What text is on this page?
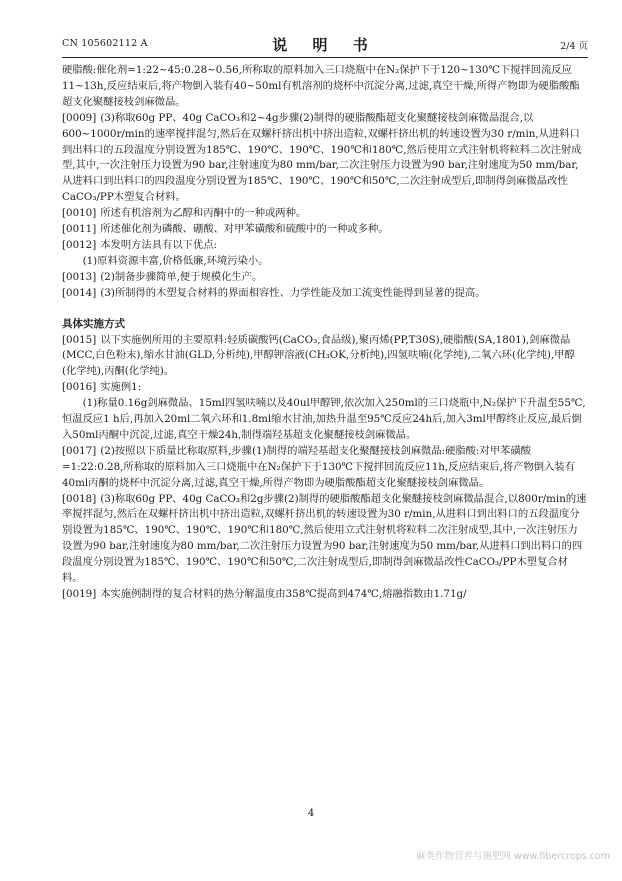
CN 105602112 A	说 明 书	2/4 页

硬脂酸:催化剂=1:22~45:0.28~0.56,所称取的原料加入三口烧瓶中在N₂保护下于120~130℃下搅拌回流反应11~13h,反应结束后,将产物倒入装有40~50ml有机溶剂的烧杯中沉淀分离,过滤,真空干燥,所得产物即为硬脂酸酯超支化聚醚接枝剑麻微晶。

[0009] (3)称取60g PP、40g CaCO₃和2~4g步骤(2)制得的硬脂酸酯超支化聚醚接枝剑麻微晶混合,以600~1000r/min的速率搅拌混匀,然后在双螺杆挤出机中挤出造粒,双螺杆挤出机的转速设置为30 r/min,从进料口到出料口的五段温度分别设置为185℃、190℃、190℃、190℃和180℃,然后使用立式注射机将粒料二次注射成型,其中,一次注射压力设置为90 bar,注射速度为80 mm/bar,二次注射压力设置为90 bar,注射速度为50 mm/bar,从进料口到出料口的四段温度分别设置为185℃、190℃、190℃和50℃,二次注射成型后,即制得剑麻微晶改性CaCO₃/PP木塑复合材料。

[0010] 所述有机溶剂为乙醇和丙酮中的一种或两种。

[0011] 所述催化剂为磷酸、硼酸、对甲苯磺酸和硫酸中的一种或多种。

[0012] 本发明方法具有以下优点:

(1)原料资源丰富,价格低廉,环境污染小。

[0013] (2)制备步骤简单,便于规模化生产。

[0014] (3)所制得的木塑复合材料的界面相容性、力学性能及加工流变性能得到显著的提高。

具体实施方式

[0015] 以下实施例所用的主要原料:轻质碳酸钙(CaCO₃,食品级),聚丙烯(PP,T30S),硬脂酸(SA,1801),剑麻微晶(MCC,白色粉末),缩水甘油(GLD,分析纯),甲醇钾溶液(CH₃OK,分析纯),四氢呋喃(化学纯),二氧六环(化学纯),甲醇(化学纯),丙酮(化学纯)。

[0016] 实施例1:

(1)称量0.16g剑麻微晶、15ml四氢呋喃以及40ul甲醇钾,依次加入250ml的三口烧瓶中,N₂保护下升温至55℃,恒温反应1 h后,再加入20ml二氧六环和1.8ml缩水甘油,加热升温至95℃反应24h后,加入3ml甲醇终止反应,最后倒入50ml丙酮中沉淀,过滤,真空干燥24h,制得端羟基超支化聚醚接枝剑麻微晶。

[0017] (2)按照以下质量比称取原料,步骤(1)制得的端羟基超支化聚醚接枝剑麻微晶:硬脂酸:对甲苯磺酸=1:22:0.28,所称取的原料加入三口烧瓶中在N₂保护下于130℃下搅拌回流反应11h,反应结束后,将产物倒入装有40ml丙酮的烧杯中沉淀分离,过滤,真空干燥,所得产物即为硬脂酸酯超支化聚醚接枝剑麻微晶。

[0018] (3)称取60g PP、40g CaCO₃和2g步骤(2)制得的硬脂酸酯超支化聚醚接枝剑麻微晶混合,以800r/min的速率搅拌混匀,然后在双螺杆挤出机中挤出造粒,双螺杆挤出机的转速设置为30 r/min,从进料口到出料口的五段温度分别设置为185℃、190℃、190℃、190℃和180℃,然后使用立式注射机将粒料二次注射成型,其中,一次注射压力设置为90 bar,注射速度为80 mm/bar,二次注射压力设置为90 bar,注射速度为50 mm/bar,从进料口到出料口的四段温度分别设置为185℃、190℃、190℃和50℃,二次注射成型后,即制得剑麻微晶改性CaCO₃/PP木塑复合材料。

[0019] 本实施例制得的复合材料的热分解温度由358℃提高到474℃,熔融指数由1.71g/

4
麻类作物营养与施肥网 www.fibercrops.com
